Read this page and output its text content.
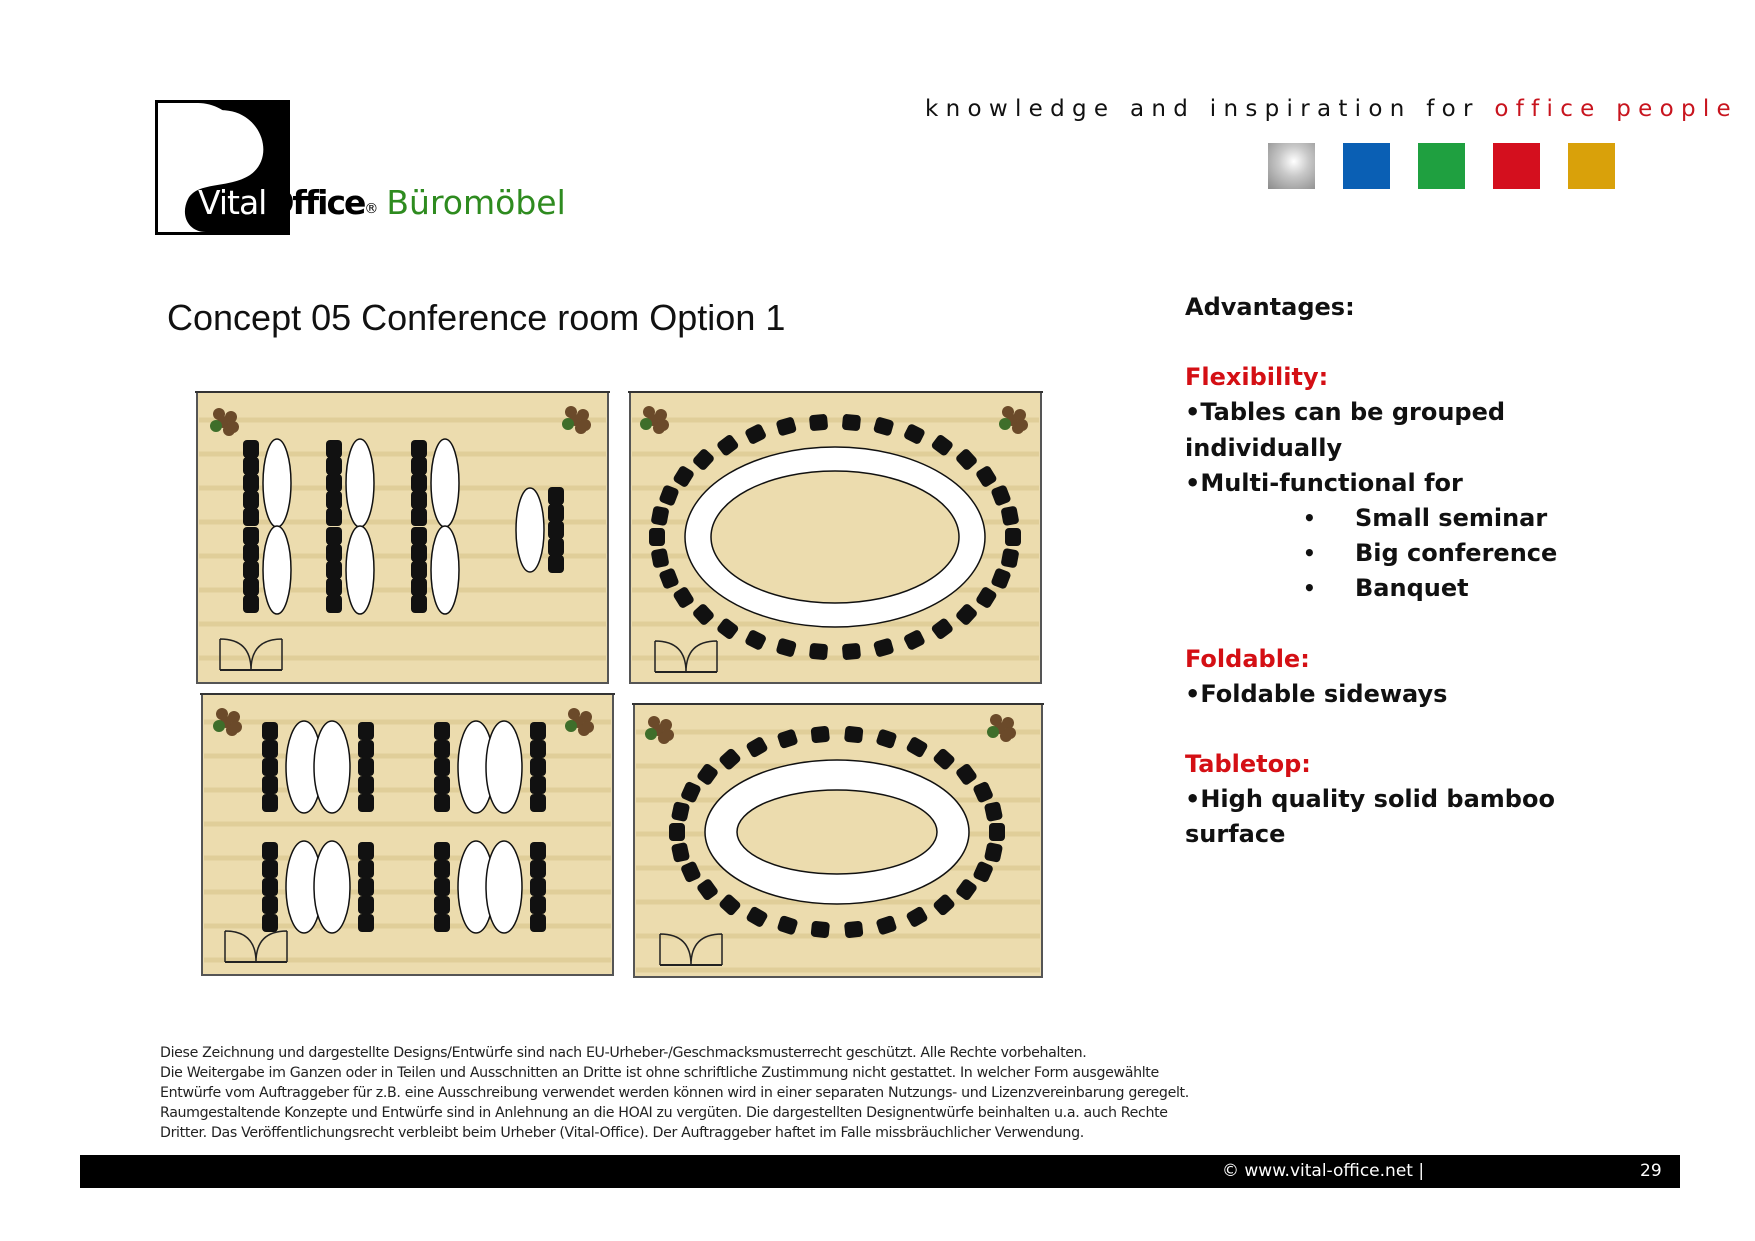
VitalOffice® Büromöbel
knowledge and inspiration for office people
Concept 05 Conference room Option 1	Advantages:
Flexibility:
•Tables can be grouped individually
•Multi-functional for
•	Small seminar
•	Big conference
•	Banquet
Foldable:
•Foldable sideways
Tabletop:
•High quality solid bamboo surface
Diese Zeichnung und dargestellte Designs/Entwürfe sind nach EU-Urheber-/Geschmacksmusterrecht geschützt. Alle Rechte vorbehalten.
Die Weitergabe im Ganzen oder in Teilen und Ausschnitten an Dritte ist ohne schriftliche Zustimmung nicht gestattet. In welcher Form ausgewählte
Entwürfe vom Auftraggeber für z.B. eine Ausschreibung verwendet werden können wird in einer separaten Nutzungs- und Lizenzvereinbarung geregelt.
Raumgestaltende Konzepte und Entwürfe sind in Anlehnung an die HOAI zu vergüten. Die dargestellten Designentwürfe beinhalten u.a. auch Rechte
Dritter. Das Veröffentlichungsrecht verbleibt beim Urheber (Vital-Office). Der Auftraggeber haftet im Falle missbräuchlicher Verwendung.
© www.vital-office.net |	29
